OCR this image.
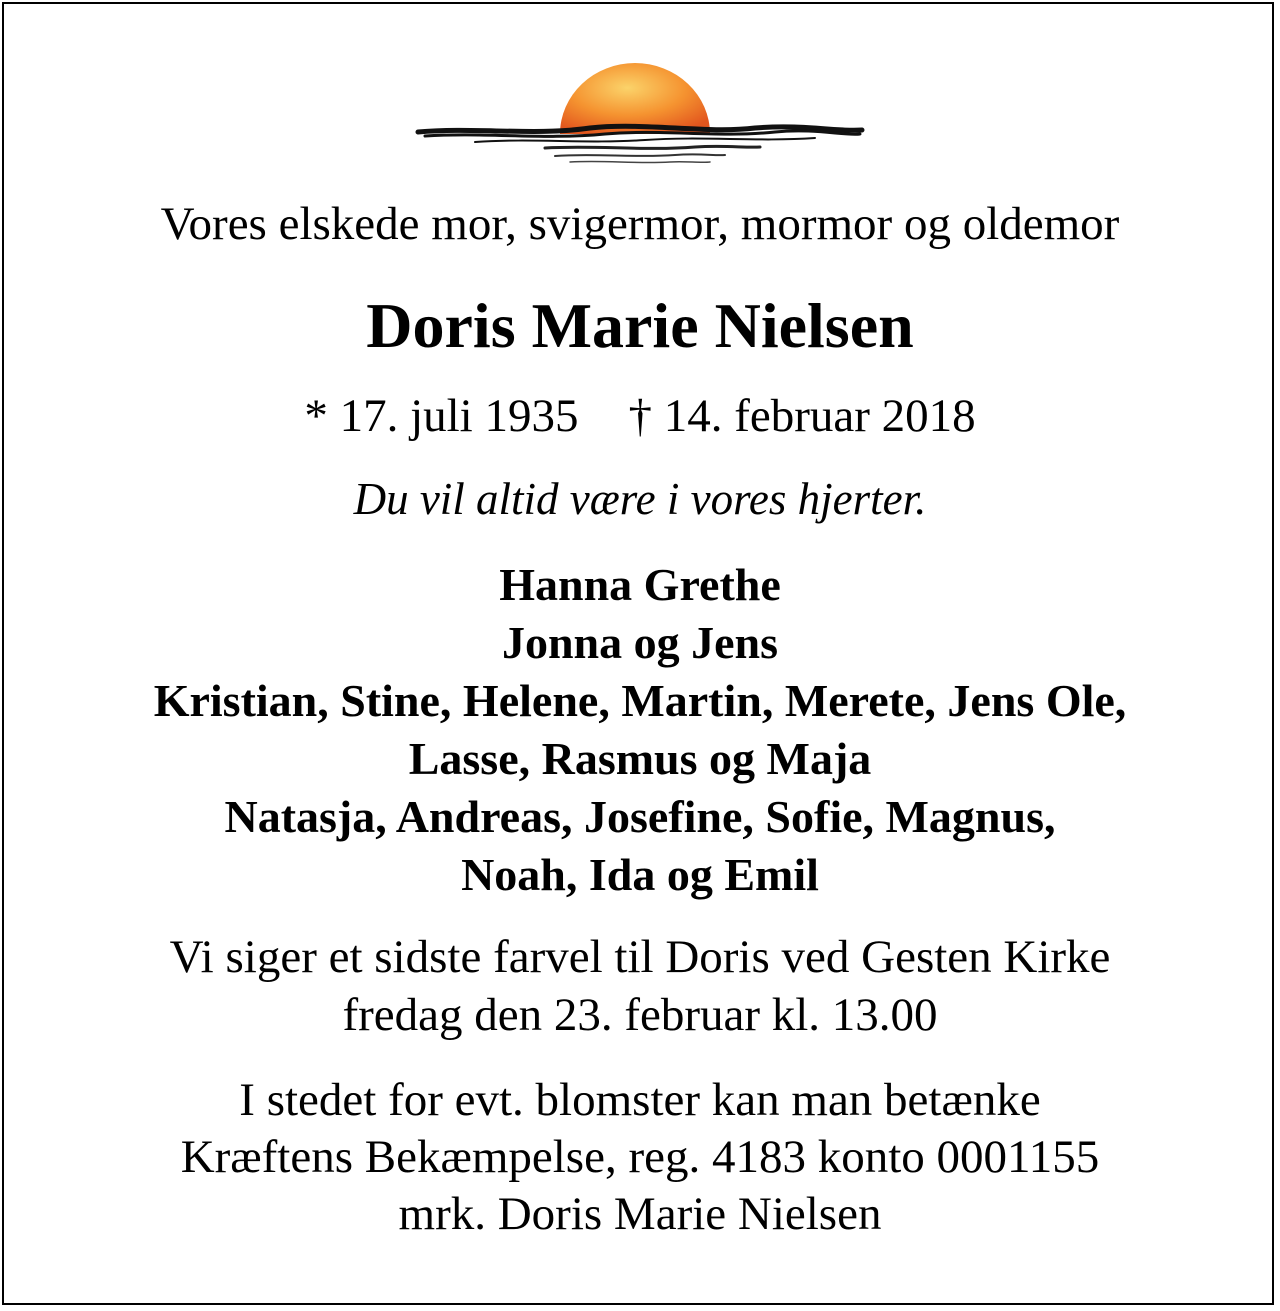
Vores elskede mor, svigermor, mormor og oldemor
Doris Marie Nielsen
* 17. juli 1935 † 14. februar 2018
Du vil altid være i vores hjerter.
Hanna Grethe
Jonna og Jens
Kristian, Stine, Helene, Martin, Merete, Jens Ole,
Lasse, Rasmus og Maja
Natasja, Andreas, Josefine, Sofie, Magnus,
Noah, Ida og Emil
Vi siger et sidste farvel til Doris ved Gesten Kirke
fredag den 23. februar kl. 13.00
I stedet for evt. blomster kan man betænke
Kræftens Bekæmpelse, reg. 4183 konto 0001155
mrk. Doris Marie Nielsen
